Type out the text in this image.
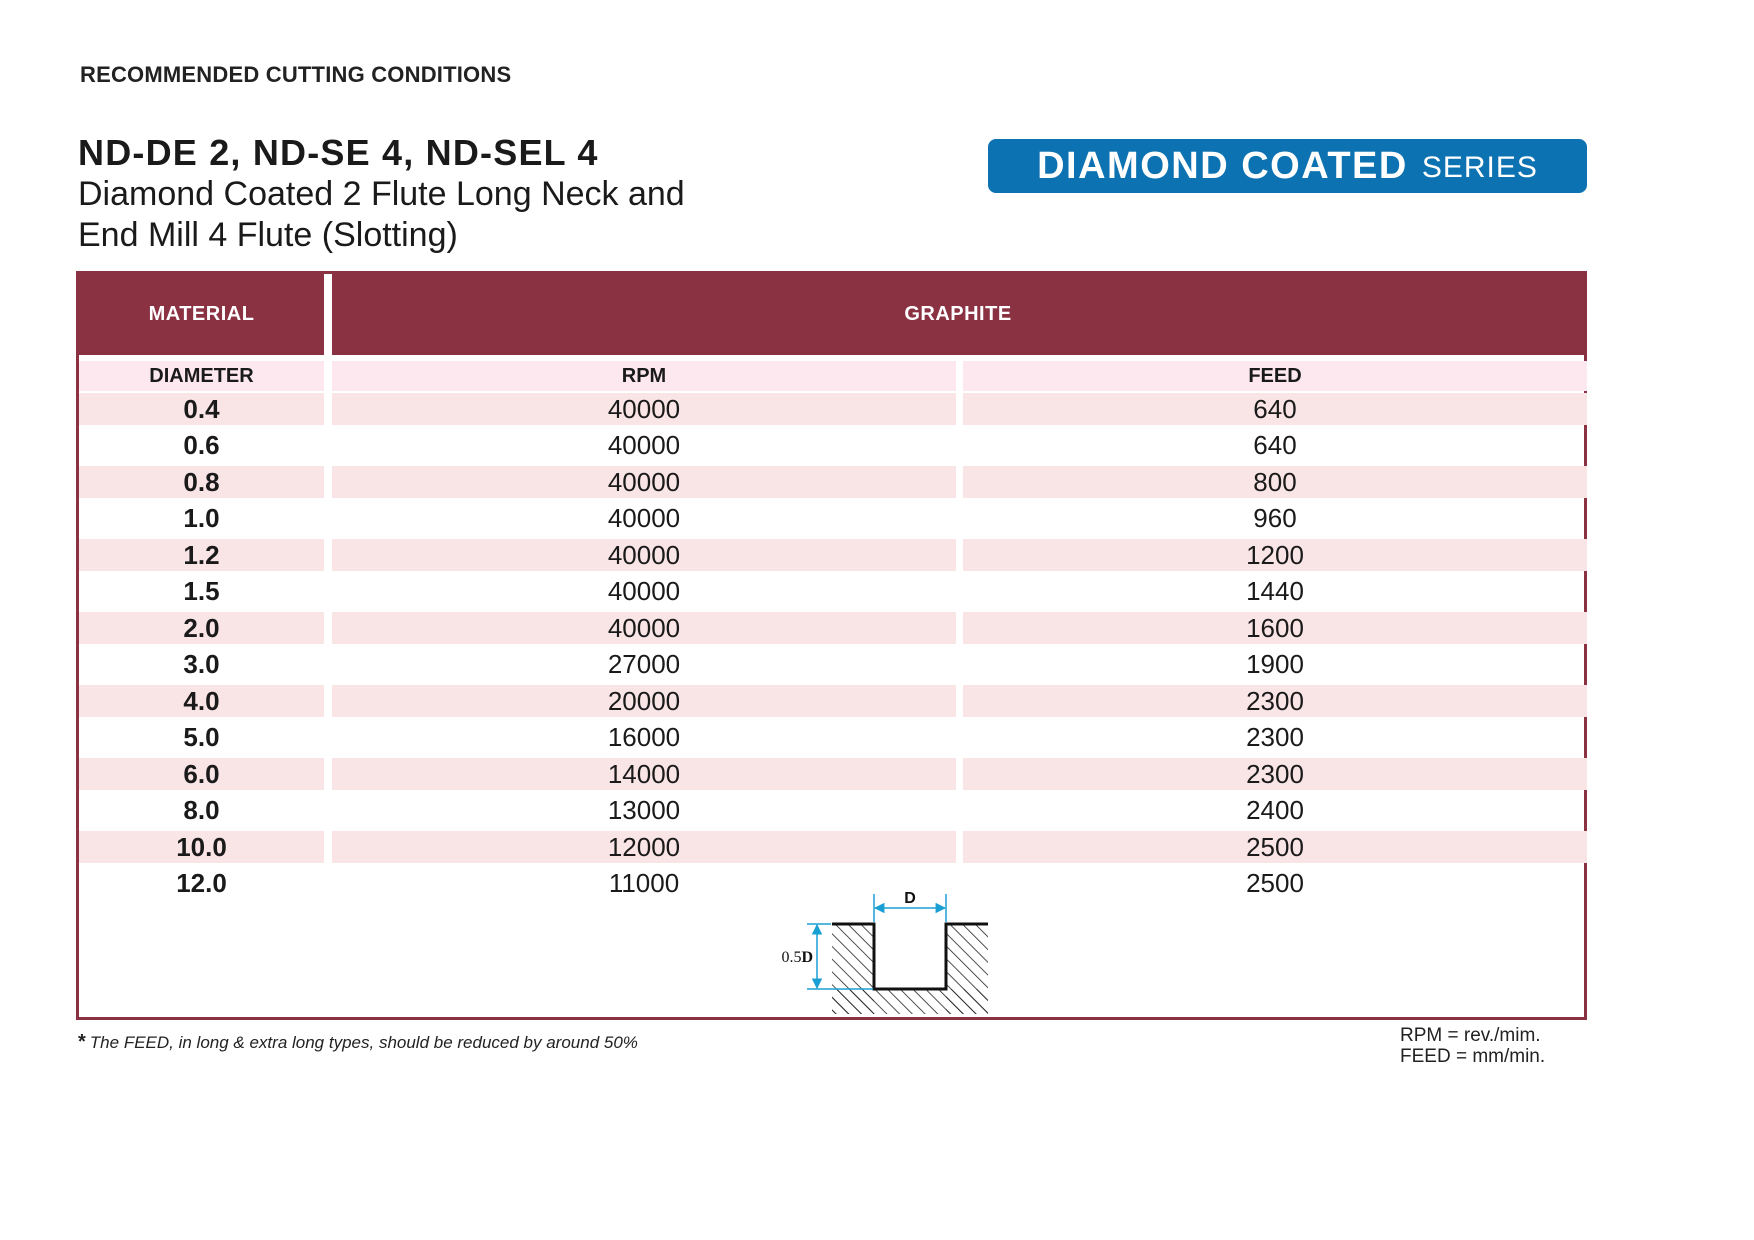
RECOMMENDED CUTTING CONDITIONS
ND-DE 2, ND-SE 4, ND-SEL 4
Diamond Coated 2 Flute Long Neck and
End Mill 4 Flute (Slotting)
DIAMOND COATED SERIES
MATERIAL	GRAPHITE
DIAMETER	RPM	FEED
0.4	40000	640
0.6	40000	640
0.8	40000	800
1.0	40000	960
1.2	40000	1200
1.5	40000	1440
2.0	40000	1600
3.0	27000	1900
4.0	20000	2300
5.0	16000	2300
6.0	14000	2300
8.0	13000	2400
10.0	12000	2500
12.0	11000	2500
D
0.5D
* The FEED, in long & extra long types, should be reduced by around 50%	RPM = rev./mim.
FEED = mm/min.
